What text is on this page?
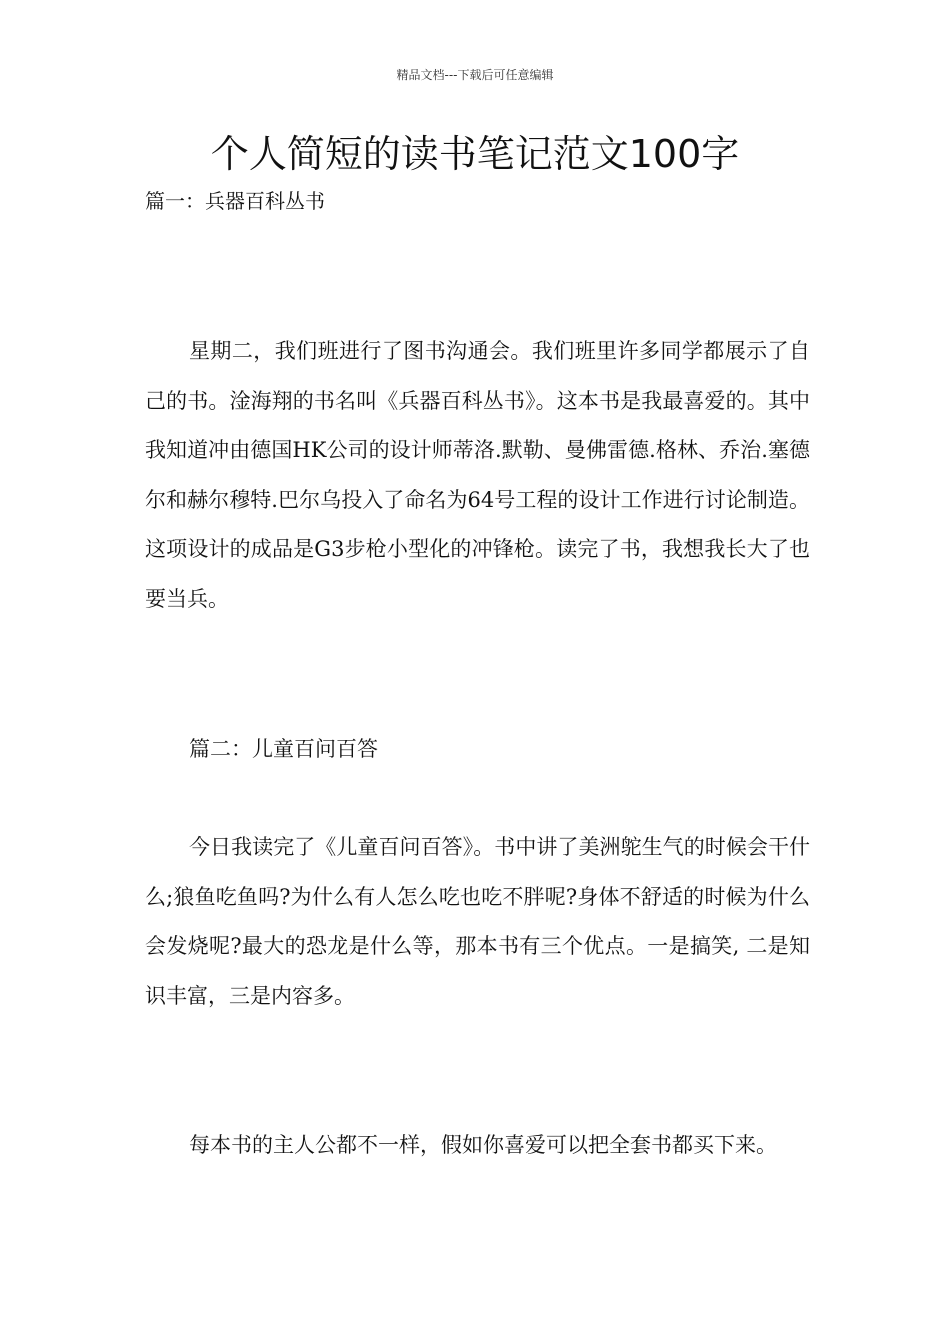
精品文档---下载后可任意编辑
个人简短的读书笔记范文100字
篇一：兵器百科丛书

星期二，我们班进行了图书沟通会。我们班里许多同学都展示了自己的书。淦海翔的书名叫《兵器百科丛书》。这本书是我最喜爱的。其中我知道冲由德国HK公司的设计师蒂洛.默勒、曼佛雷德.格林、乔治.塞德尔和赫尔穆特.巴尔乌投入了命名为64号工程的设计工作进行讨论制造。这项设计的成品是G3步枪小型化的冲锋枪。读完了书，我想我长大了也要当兵。

篇二：儿童百问百答

今日我读完了《儿童百问百答》。书中讲了美洲鸵生气的时候会干什么;狼鱼吃鱼吗?为什么有人怎么吃也吃不胖呢?身体不舒适的时候为什么会发烧呢?最大的恐龙是什么等，那本书有三个优点。一是搞笑, 二是知识丰富，三是内容多。

每本书的主人公都不一样，假如你喜爱可以把全套书都买下来。
